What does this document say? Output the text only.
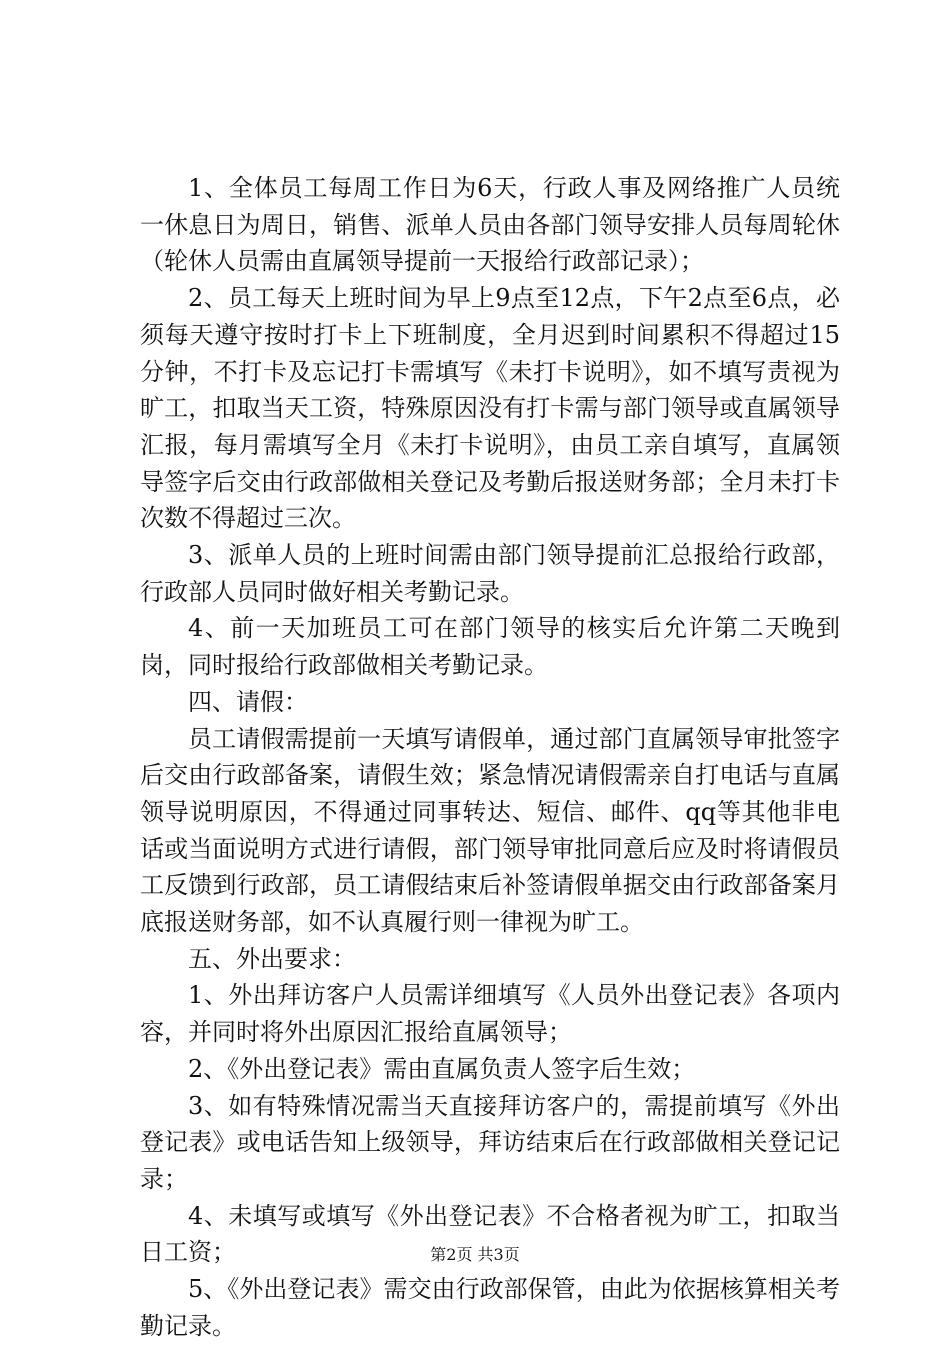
1、全体员工每周工作日为6天，行政人事及网络推广人员统一休息日为周日，销售、派单人员由各部门领导安排人员每周轮休（轮休人员需由直属领导提前一天报给行政部记录）；

2、员工每天上班时间为早上9点至12点，下午2点至6点，必须每天遵守按时打卡上下班制度，全月迟到时间累积不得超过15分钟，不打卡及忘记打卡需填写《未打卡说明》，如不填写责视为旷工，扣取当天工资，特殊原因没有打卡需与部门领导或直属领导汇报，每月需填写全月《未打卡说明》，由员工亲自填写，直属领导签字后交由行政部做相关登记及考勤后报送财务部；全月未打卡次数不得超过三次。

3、派单人员的上班时间需由部门领导提前汇总报给行政部，行政部人员同时做好相关考勤记录。

4、前一天加班员工可在部门领导的核实后允许第二天晚到岗，同时报给行政部做相关考勤记录。

四、请假：

员工请假需提前一天填写请假单，通过部门直属领导审批签字后交由行政部备案，请假生效；紧急情况请假需亲自打电话与直属领导说明原因，不得通过同事转达、短信、邮件、qq等其他非电话或当面说明方式进行请假，部门领导审批同意后应及时将请假员工反馈到行政部，员工请假结束后补签请假单据交由行政部备案月底报送财务部，如不认真履行则一律视为旷工。

五、外出要求：

1、外出拜访客户人员需详细填写《人员外出登记表》各项内容，并同时将外出原因汇报给直属领导；

2、《外出登记表》需由直属负责人签字后生效；

3、如有特殊情况需当天直接拜访客户的，需提前填写《外出登记表》或电话告知上级领导，拜访结束后在行政部做相关登记记录；

4、未填写或填写《外出登记表》不合格者视为旷工，扣取当日工资；

5、《外出登记表》需交由行政部保管，由此为依据核算相关考勤记录。

第2页 共3页
